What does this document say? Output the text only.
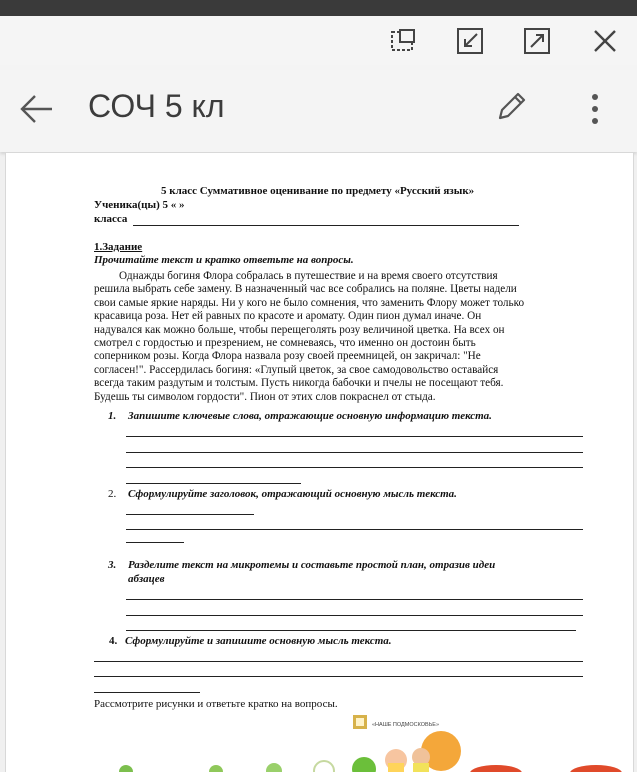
СОЧ 5 кл
5 класс Суммативное оценивание по предмету «Русский язык»
Ученика(цы) 5 « »
класса
1.Задание
Прочитайте текст и кратко ответьте на вопросы.
Однажды богиня Флора собралась в путешествие и на время своего отсутствия
решила выбрать себе замену. В назначенный час все собрались на поляне. Цветы надели
свои самые яркие наряды. Ни у кого не было сомнения, что заменить Флору может только
красавица роза. Нет ей равных по красоте и аромату. Один пион думал иначе. Он
надувался как можно больше, чтобы перещеголять розу величиной цветка. На всех он
смотрел с гордостью и презрением, не сомневаясь, что именно он достоин быть
соперником розы. Когда Флора назвала розу своей преемницей, он закричал: "Не
согласен!". Рассердилась богиня: «Глупый цветок, за свое самодовольство оставайся
всегда таким раздутым и толстым. Пусть никогда бабочки и пчелы не посещают тебя.
Будешь ты символом гордости". Пион от этих слов покраснел от стыда.
1. Запишите ключевые слова, отражающие основную информацию текста.
2. Сформулируйте заголовок, отражающий основную мысль текста.
3. Разделите текст на микротемы и составьте простой план, отразив идеи
абзацев
4. Сформулируйте и запишите основную мысль текста.
Рассмотрите рисунки и ответьте кратко на вопросы.
«НАШЕ ПОДМОСКОВЬЕ»
